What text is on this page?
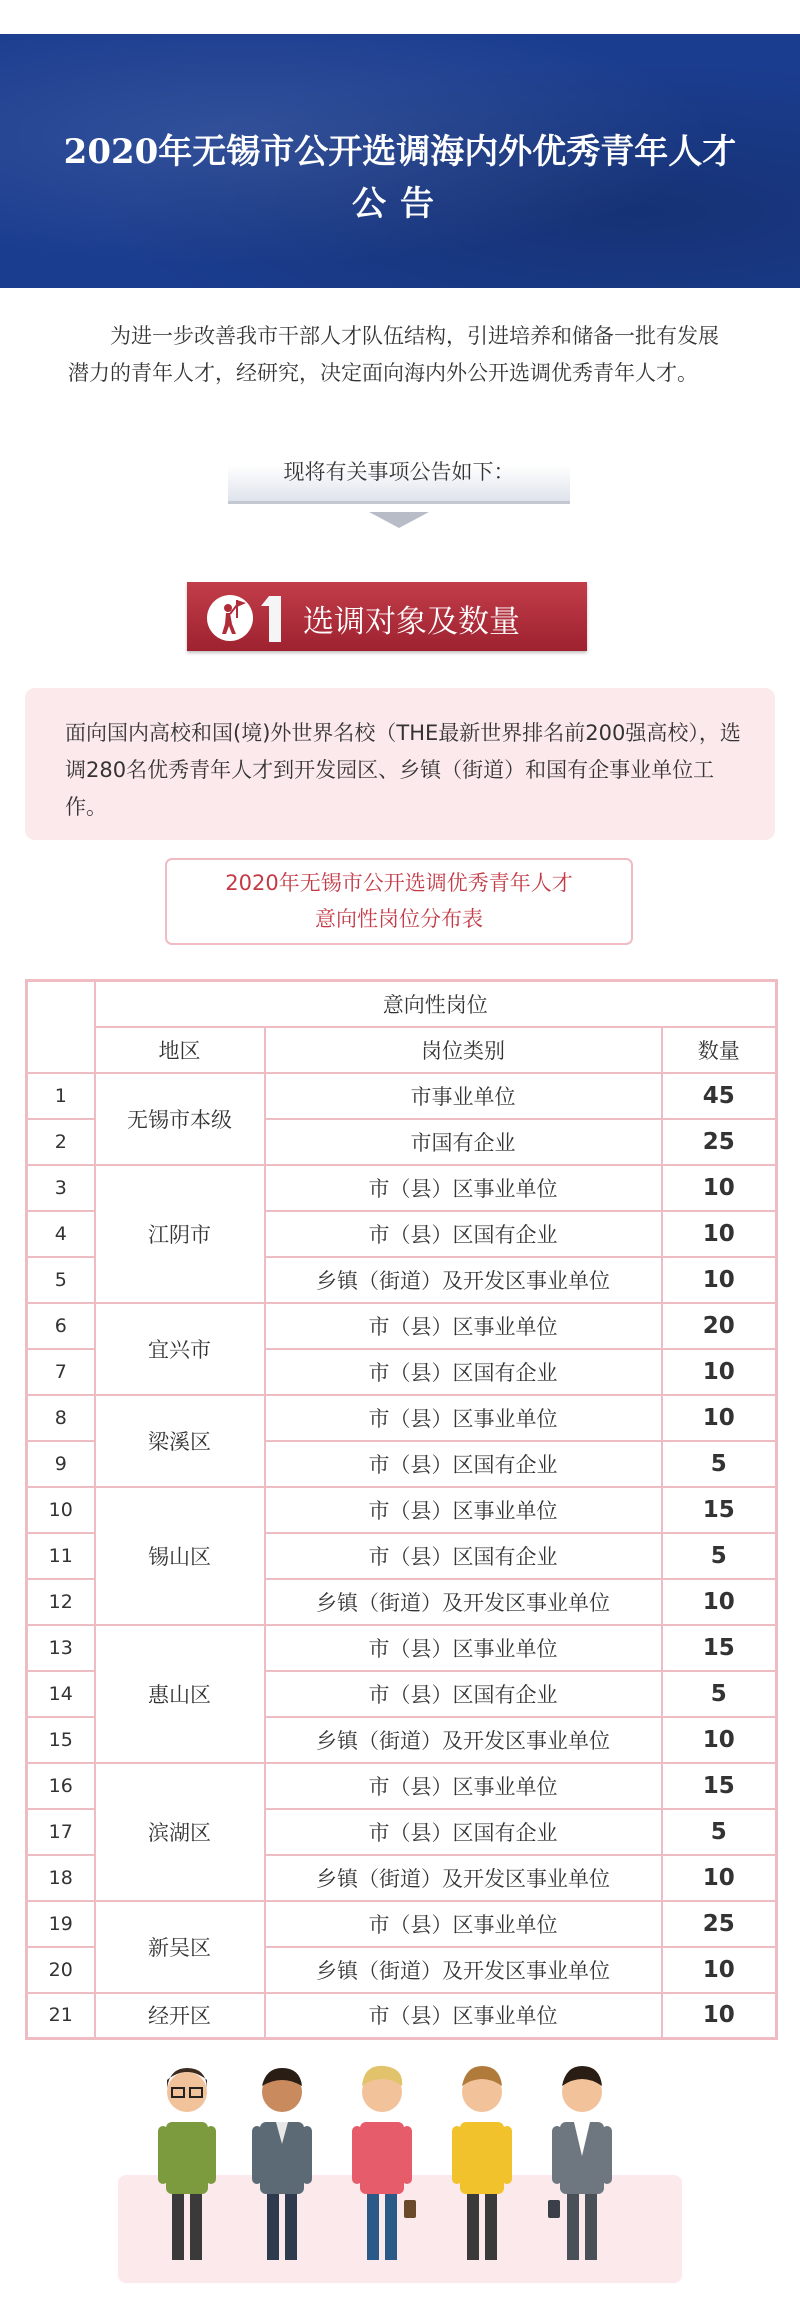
2020年无锡市公开选调海内外优秀青年人才
公告

为进一步改善我市干部人才队伍结构，引进培养和储备一批有发展潜力的青年人才，经研究，决定面向海内外公开选调优秀青年人才。

现将有关事项公告如下：
选调对象及数量

面向国内高校和国(境)外世界名校（THE最新世界排名前200强高校），选调280名优秀青年人才到开发园区、乡镇（街道）和国有企事业单位工作。

2020年无锡市公开选调优秀青年人才
意向性岗位分布表
	意向性岗位		
	地区	岗位类别	数量
1	无锡市本级	市事业单位	45
2		市国有企业	25
3	江阴市	市（县）区事业单位	10
4		市（县）区国有企业	10
5		乡镇（街道）及开发区事业单位	10
6	宜兴市	市（县）区事业单位	20
7		市（县）区国有企业	10
8	梁溪区	市（县）区事业单位	10
9		市（县）区国有企业	5
10	锡山区	市（县）区事业单位	15
11		市（县）区国有企业	5
12		乡镇（街道）及开发区事业单位	10
13	惠山区	市（县）区事业单位	15
14		市（县）区国有企业	5
15		乡镇（街道）及开发区事业单位	10
16	滨湖区	市（县）区事业单位	15
17		市（县）区国有企业	5
18		乡镇（街道）及开发区事业单位	10
19	新吴区	市（县）区事业单位	25
20		乡镇（街道）及开发区事业单位	10
21	经开区	市（县）区事业单位	10
